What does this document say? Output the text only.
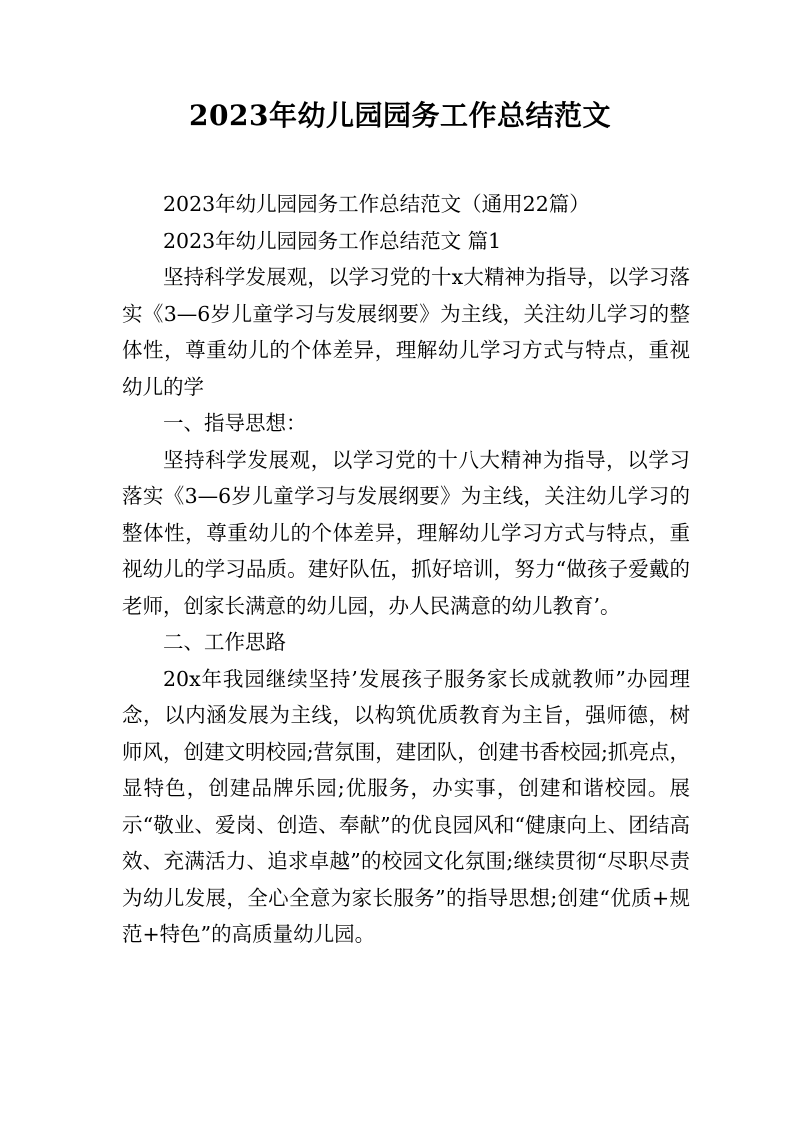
2023年幼儿园园务工作总结范文

2023年幼儿园园务工作总结范文（通用22篇）

2023年幼儿园园务工作总结范文 篇1

坚持科学发展观，以学习党的十x大精神为指导，以学习落实《3—6岁儿童学习与发展纲要》为主线，关注幼儿学习的整体性，尊重幼儿的个体差异，理解幼儿学习方式与特点，重视幼儿的学

一、指导思想：

坚持科学发展观，以学习党的十八大精神为指导，以学习落实《3—6岁儿童学习与发展纲要》为主线，关注幼儿学习的整体性，尊重幼儿的个体差异，理解幼儿学习方式与特点，重视幼儿的学习品质。建好队伍，抓好培训，努力“做孩子爱戴的老师，创家长满意的幼儿园，办人民满意的幼儿教育’。

二、工作思路

20x年我园继续坚持’发展孩子服务家长成就教师”办园理念，以内涵发展为主线，以构筑优质教育为主旨，强师德，树师风，创建文明校园;营氛围，建团队，创建书香校园;抓亮点，显特色，创建品牌乐园;优服务，办实事，创建和谐校园。展示“敬业、爱岗、创造、奉献”的优良园风和“健康向上、团结高效、充满活力、追求卓越”的校园文化氛围;继续贯彻“尽职尽责为幼儿发展，全心全意为家长服务”的指导思想;创建“优质+规范+特色”的高质量幼儿园。
